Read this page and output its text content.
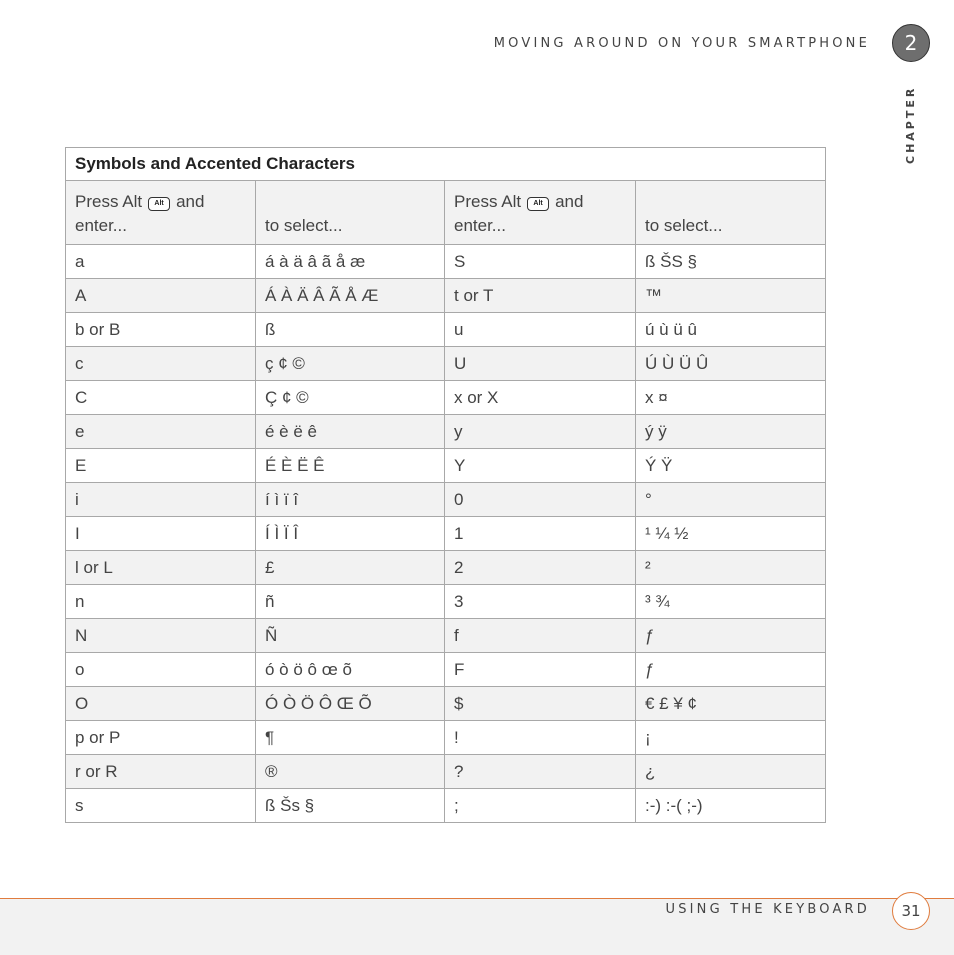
MOVING AROUND ON YOUR SMARTPHONE	2
CHAPTER
Symbols and Accented Characters			
Press Alt Alt and enter...	to select...	Press Alt Alt and enter...	to select...
a	á à ä â ã å æ	S	ß ŠS §
A	Á À Ä Â Ã Å Æ	t or T	™
b or B	ß	u	ú ù ü û
c	ç ¢ ©	U	Ú Ù Ü Û
C	Ç ¢ ©	x or X	x ¤
e	é è ë ê	y	ý ÿ
E	É È Ë Ê	Y	Ý Ÿ
i	í ì ï î	0	°
I	Í Ì Ï Î	1	¹ ¼ ½
l or L	£	2	²
n	ñ	3	³ ¾
N	Ñ	f	ƒ
o	ó ò ö ô œ õ	F	ƒ
O	Ó Ò Ö Ô Œ Õ	$	€ £ ¥ ¢
p or P	¶	!	¡
r or R	®	?	¿
s	ß Šs §	;	:-) :-( ;-)
USING THE KEYBOARD	31
